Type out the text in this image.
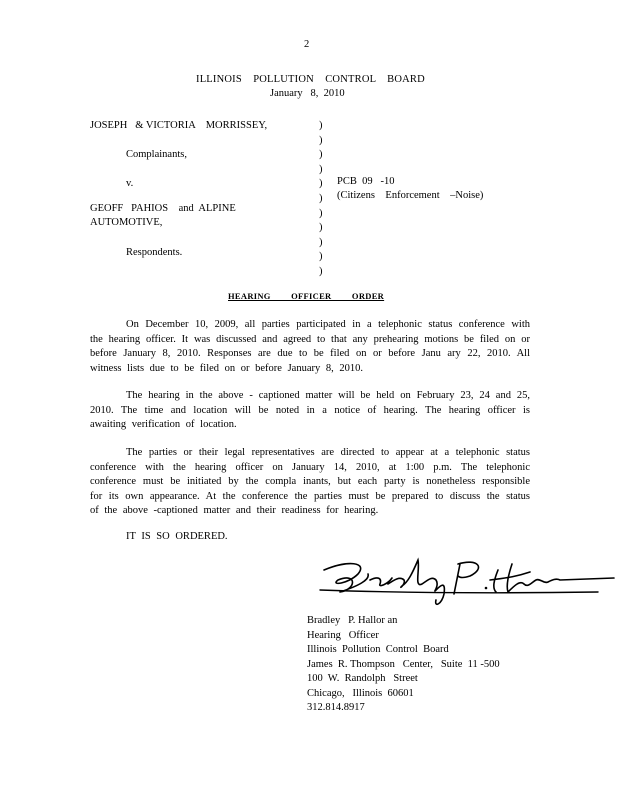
2
ILLINOIS    POLLUTION    CONTROL    BOARD
January   8,  2010
JOSEPH   & VICTORIA    MORRISSEY,
Complainants,
v.
GEOFF   PAHIOS    and  ALPINE
AUTOMOTIVE,
Respondents.
)
)
)
)
)
)
)
)
)
)
)
PCB  09   -10
(Citizens    Enforcement    –Noise)
HEARING OFFICER ORDER
On December 10, 2009, all parties participated in a telephonic status conference with the hearing officer. It was discussed and agreed to that any prehearing motions be filed on or before January 8, 2010. Responses are due to be filed on or before Janu ary 22, 2010. All witness lists due to be filed on or before January 8, 2010.
The hearing in the above - captioned matter will be held on February 23, 24 and 25, 2010. The time and location will be noted in a notice of hearing. The hearing officer is awaiting verification of location.
The parties or their legal representatives are directed to appear at a telephonic status conference with the hearing officer on January 14, 2010, at 1:00 p.m. The telephonic conference must be initiated by the compla inants, but each party is nonetheless responsible for its own appearance. At the conference the parties must be prepared to discuss the status of the above -captioned matter and their readiness for hearing.
IT IS SO ORDERED.
Bradley   P. Hallor an
Hearing   Officer
Illinois  Pollution  Control  Board
James  R. Thompson   Center,   Suite  11 -500
100  W.  Randolph   Street
Chicago,   Illinois  60601
312.814.8917
